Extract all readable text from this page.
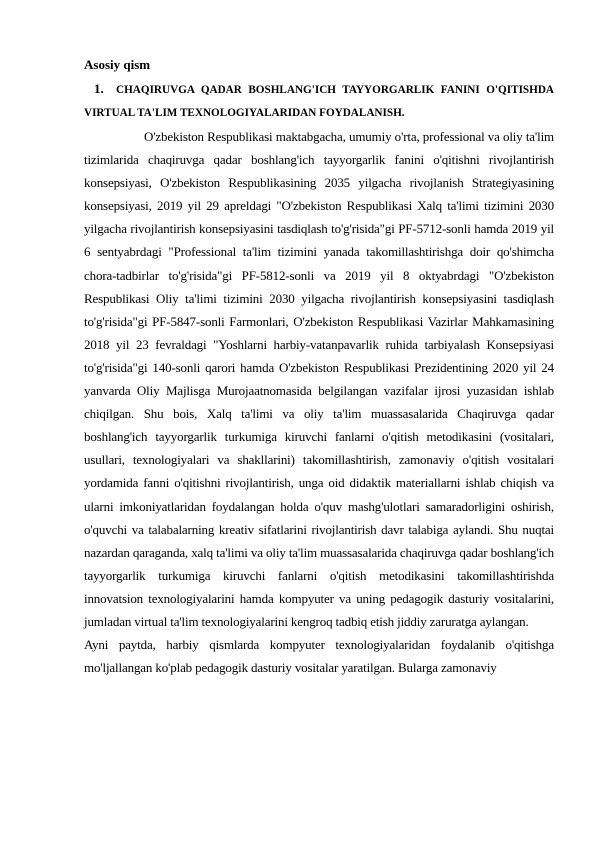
Asosiy qism

1. CHAQIRUVGA QADAR BOSHLANG'ICH TAYYORGARLIK FANINI O'QITISHDA VIRTUAL TA'LIM TEXNOLOGIYALARIDAN FOYDALANISH.

O'zbekiston Respublikasi maktabgacha, umumiy o'rta, professional va oliy ta'lim tizimlarida chaqiruvga qadar boshlang'ich tayyorgarlik fanini o'qitishni rivojlantirish konsepsiyasi, O'zbekiston Respublikasining 2035 yilgacha rivojlanish Strategiyasining konsepsiyasi, 2019 yil 29 apreldagi "O'zbekiston Respublikasi Xalq ta'limi tizimini 2030 yilgacha rivojlantirish konsepsiyasini tasdiqlash to'g'risida"gi PF-5712-sonli hamda 2019 yil 6 sentyabrdagi "Professional ta'lim tizimini yanada takomillashtirishga doir qo'shimcha chora-tadbirlar to'g'risida"gi PF-5812-sonli va 2019 yil 8 oktyabrdagi "O'zbekiston Respublikasi Oliy ta'limi tizimini 2030 yilgacha rivojlantirish konsepsiyasini tasdiqlash to'g'risida"gi PF-5847-sonli Farmonlari, O'zbekiston Respublikasi Vazirlar Mahkamasining 2018 yil 23 fevraldagi "Yoshlarni harbiy-vatanpavarlik ruhida tarbiyalash Konsepsiyasi to'g'risida"gi 140-sonli qarori hamda O'zbekiston Respublikasi Prezidentining 2020 yil 24 yanvarda Oliy Majlisga Murojaatnomasida belgilangan vazifalar ijrosi yuzasidan ishlab chiqilgan. Shu bois, Xalq ta'limi va oliy ta'lim muassasalarida Chaqiruvga qadar boshlang'ich tayyorgarlik turkumiga kiruvchi fanlarni o'qitish metodikasini (vositalari, usullari, texnologiyalari va shakllarini) takomillashtirish, zamonaviy o'qitish vositalari yordamida fanni o'qitishni rivojlantirish, unga oid didaktik materiallarni ishlab chiqish va ularni imkoniyatlaridan foydalangan holda o'quv mashg'ulotlari samaradorligini oshirish, o'quvchi va talabalarning kreativ sifatlarini rivojlantirish davr talabiga aylandi. Shu nuqtai nazardan qaraganda, xalq ta'limi va oliy ta'lim muassasalarida chaqiruvga qadar boshlang'ich tayyorgarlik turkumiga kiruvchi fanlarni o'qitish metodikasini takomillashtirishda innovatsion texnologiyalarini hamda kompyuter va uning pedagogik dasturiy vositalarini, jumladan virtual ta'lim texnologiyalarini kengroq tadbiq etish jiddiy zaruratga aylangan.

Ayni paytda, harbiy qismlarda kompyuter texnologiyalaridan foydalanib o'qitishga mo'ljallangan ko'plab pedagogik dasturiy vositalar yaratilgan. Bularga zamonaviy
